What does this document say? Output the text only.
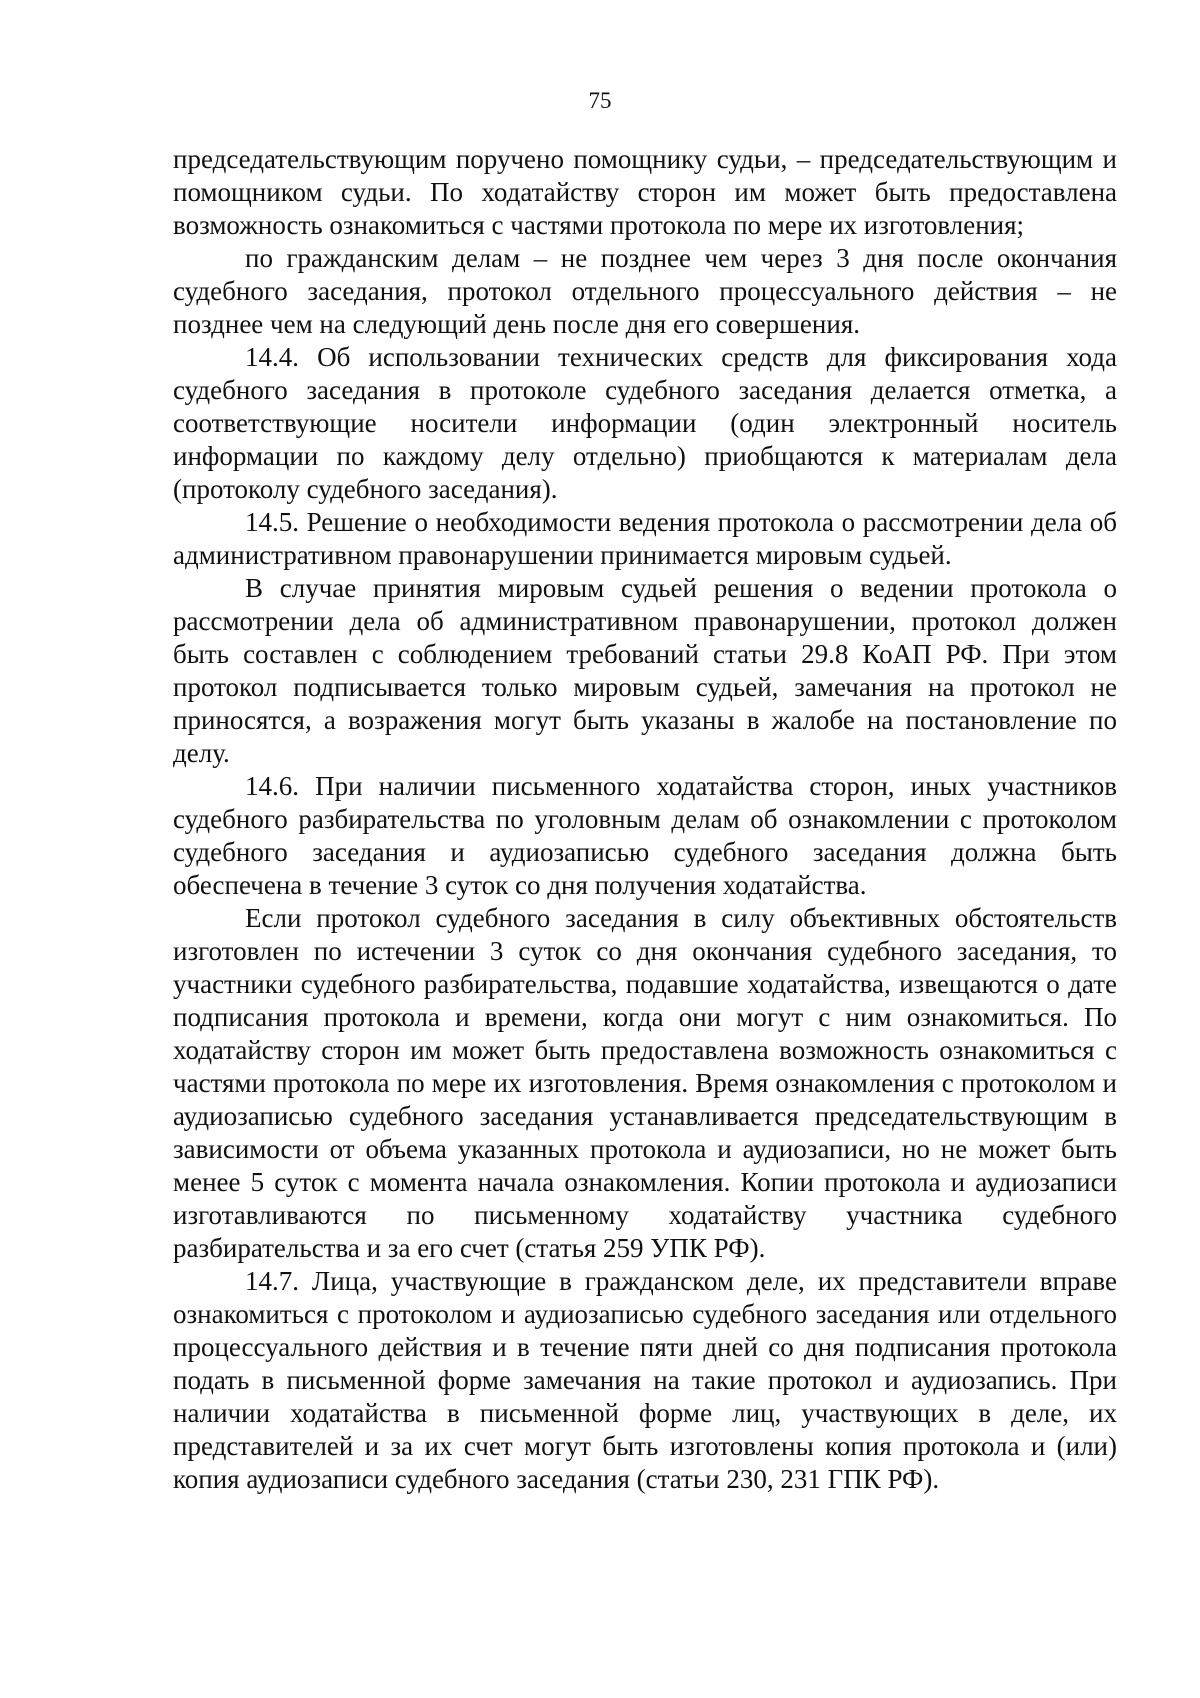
75

председательствующим поручено помощнику судьи, – председательствующим и помощником судьи. По ходатайству сторон им может быть предоставлена возможность ознакомиться с частями протокола по мере их изготовления;

по гражданским делам – не позднее чем через 3 дня после окончания судебного заседания, протокол отдельного процессуального действия – не позднее чем на следующий день после дня его совершения.

14.4. Об использовании технических средств для фиксирования хода судебного заседания в протоколе судебного заседания делается отметка, а соответствующие носители информации (один электронный носитель информации по каждому делу отдельно) приобщаются к материалам дела (протоколу судебного заседания).

14.5. Решение о необходимости ведения протокола о рассмотрении дела об административном правонарушении принимается мировым судьей.

В случае принятия мировым судьей решения о ведении протокола о рассмотрении дела об административном правонарушении, протокол должен быть составлен с соблюдением требований статьи 29.8 КоАП РФ. При этом протокол подписывается только мировым судьей, замечания на протокол не приносятся, а возражения могут быть указаны в жалобе на постановление по делу.

14.6. При наличии письменного ходатайства сторон, иных участников судебного разбирательства по уголовным делам об ознакомлении с протоколом судебного заседания и аудиозаписью судебного заседания должна быть обеспечена в течение 3 суток со дня получения ходатайства.

Если протокол судебного заседания в силу объективных обстоятельств изготовлен по истечении 3 суток со дня окончания судебного заседания, то участники судебного разбирательства, подавшие ходатайства, извещаются о дате подписания протокола и времени, когда они могут с ним ознакомиться. По ходатайству сторон им может быть предоставлена возможность ознакомиться с частями протокола по мере их изготовления. Время ознакомления с протоколом и аудиозаписью судебного заседания устанавливается председательствующим в зависимости от объема указанных протокола и аудиозаписи, но не может быть менее 5 суток с момента начала ознакомления. Копии протокола и аудиозаписи изготавливаются по письменному ходатайству участника судебного разбирательства и за его счет (статья 259 УПК РФ).

14.7. Лица, участвующие в гражданском деле, их представители вправе ознакомиться с протоколом и аудиозаписью судебного заседания или отдельного процессуального действия и в течение пяти дней со дня подписания протокола подать в письменной форме замечания на такие протокол и аудиозапись. При наличии ходатайства в письменной форме лиц, участвующих в деле, их представителей и за их счет могут быть изготовлены копия протокола и (или) копия аудиозаписи судебного заседания (статьи 230, 231 ГПК РФ).
